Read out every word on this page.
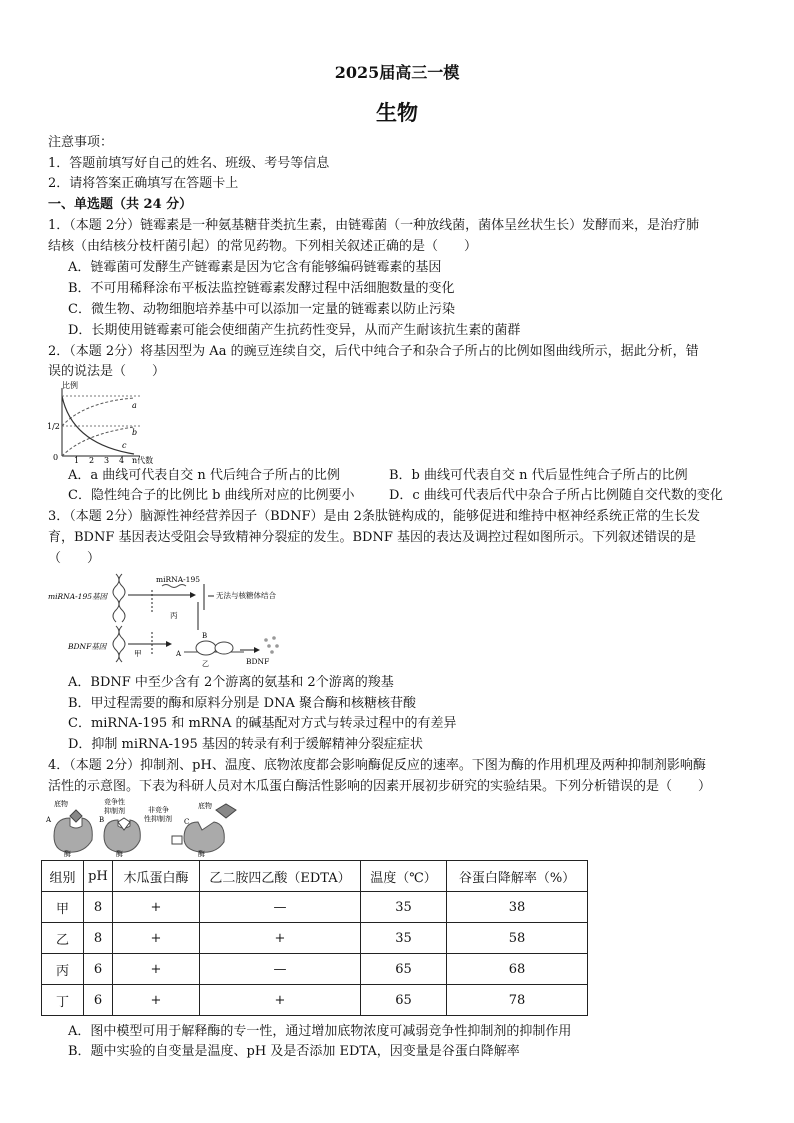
2025届高三一模
生物
注意事项：
1．答题前填写好自己的姓名、班级、考号等信息
2．请将答案正确填写在答题卡上
一、单选题（共 24 分）
1．（本题 2分）链霉素是一种氨基糖苷类抗生素，由链霉菌（一种放线菌，菌体呈丝状生长）发酵而来，是治疗肺
结核（由结核分枝杆菌引起）的常见药物。下列相关叙述正确的是（　　）
A．链霉菌可发酵生产链霉素是因为它含有能够编码链霉素的基因
B．不可用稀释涂布平板法监控链霉素发酵过程中活细胞数量的变化
C．微生物、动物细胞培养基中可以添加一定量的链霉素以防止污染
D．长期使用链霉素可能会使细菌产生抗药性变异，从而产生耐该抗生素的菌群
2．（本题 2分）将基因型为 Aa 的豌豆连续自交，后代中纯合子和杂合子所占的比例如图曲线所示，据此分析，错
误的说法是（　　）
比例
1/2
0 1 2 3 4 n代数
a
b
c
A．a 曲线可代表自交 n 代后纯合子所占的比例	B．b 曲线可代表自交 n 代后显性纯合子所占的比例
C．隐性纯合子的比例比 b 曲线所对应的比例要小	D．c 曲线可代表后代中杂合子所占比例随自交代数的变化
3．（本题 2分）脑源性神经营养因子（BDNF）是由 2条肽链构成的，能够促进和维持中枢神经系统正常的生长发
育，BDNF 基因表达受阻会导致精神分裂症的发生。BDNF 基因的表达及调控过程如图所示。下列叙述错误的是
（　　）
miRNA-195基因
miRNA-195
无法与核糖体结合
丙
BDNF基因
甲	A
B
乙	BDNF
A．BDNF 中至少含有 2个游离的氨基和 2个游离的羧基
B．甲过程需要的酶和原料分别是 DNA 聚合酶和核糖核苷酸
C．miRNA-195 和 mRNA 的碱基配对方式与转录过程中的有差异
D．抑制 miRNA-195 基因的转录有利于缓解精神分裂症症状
4．（本题 2分）抑制剂、pH、温度、底物浓度都会影响酶促反应的速率。下图为酶的作用机理及两种抑制剂影响酶
活性的示意图。下表为科研人员对木瓜蛋白酶活性影响的因素开展初步研究的实验结果。下列分析错误的是（　　）
底物
A
酶
竞争性
抑制剂
B
酶
非竞争
性抑制剂 C
底物
酶
组别	pH	木瓜蛋白酶	乙二胺四乙酸（EDTA）	温度（℃）	谷蛋白降解率（%）
甲	8	+	—	35	38
乙	8	+	+	35	58
丙	6	+	—	65	68
丁	6	+	+	65	78
A．图中模型可用于解释酶的专一性，通过增加底物浓度可减弱竞争性抑制剂的抑制作用
B．题中实验的自变量是温度、pH 及是否添加 EDTA，因变量是谷蛋白降解率
